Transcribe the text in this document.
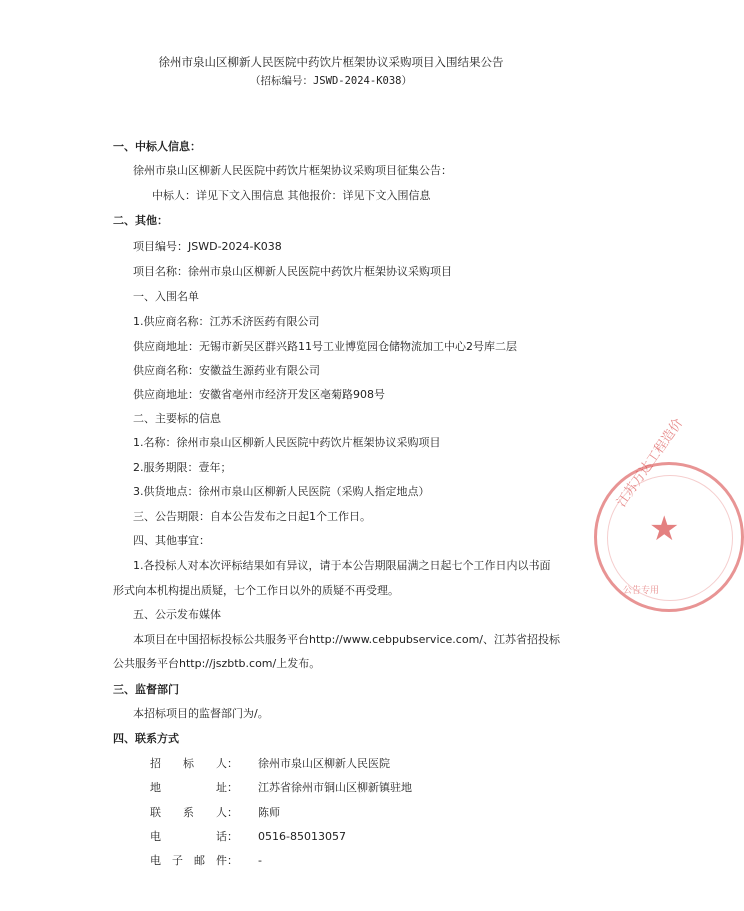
徐州市泉山区柳新人民医院中药饮片框架协议采购项目入围结果公告
（招标编号：JSWD-2024-K038）
一、中标人信息：
徐州市泉山区柳新人民医院中药饮片框架协议采购项目征集公告：
中标人：详见下文入围信息 其他报价：详见下文入围信息
二、其他：
项目编号：JSWD-2024-K038
项目名称：徐州市泉山区柳新人民医院中药饮片框架协议采购项目
一、入围名单
1.供应商名称：江苏禾济医药有限公司
供应商地址：无锡市新吴区群兴路11号工业博览园仓储物流加工中心2号库二层
供应商名称：安徽益生源药业有限公司
供应商地址：安徽省亳州市经济开发区亳菊路908号
二、主要标的信息
1.名称：徐州市泉山区柳新人民医院中药饮片框架协议采购项目
2.服务期限：壹年；
3.供货地点：徐州市泉山区柳新人民医院（采购人指定地点）
三、公告期限：自本公告发布之日起1个工作日。
四、其他事宜：
1.各投标人对本次评标结果如有异议，请于本公告期限届满之日起七个工作日内以书面
形式向本机构提出质疑，七个工作日以外的质疑不再受理。
五、公示发布媒体
本项目在中国招标投标公共服务平台http://www.cebpubservice.com/、江苏省招投标
公共服务平台http://jszbtb.com/上发布。
三、监督部门
本招标项目的监督部门为/。
四、联系方式
招　　标　　人： 徐州市泉山区柳新人民医院
地　　　　　址： 江苏省徐州市铜山区柳新镇驻地
联　　系　　人： 陈师
电　　　　　话： 0516-85013057
电　子　邮　件： -
江苏万达工程造价
★
公告专用
